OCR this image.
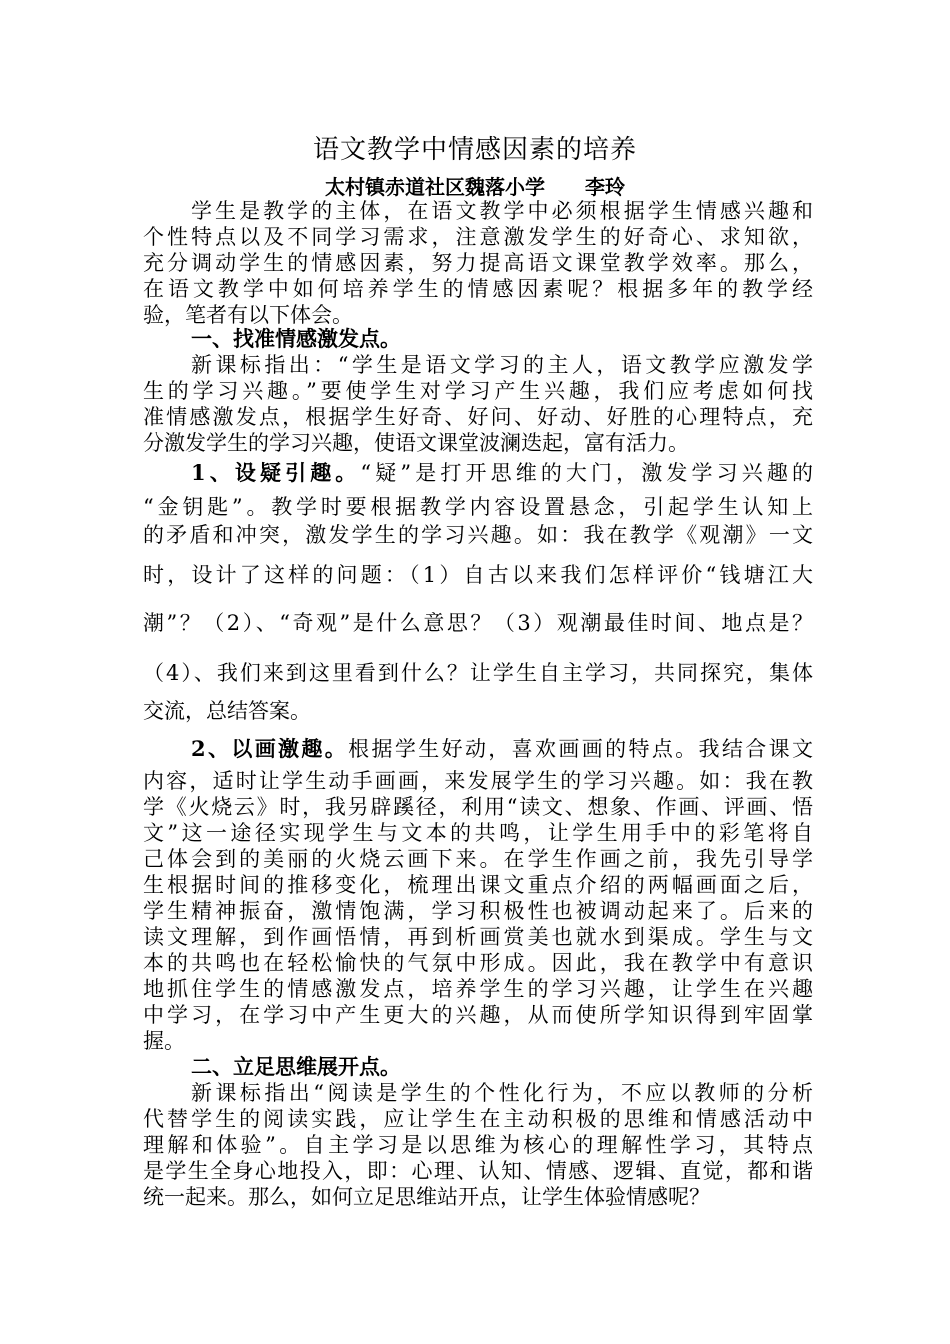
语文教学中情感因素的培养

太村镇赤道社区魏落小学　　李玲

学生是教学的主体，在语文教学中必须根据学生情感兴趣和
个性特点以及不同学习需求，注意激发学生的好奇心、求知欲，
充分调动学生的情感因素，努力提高语文课堂教学效率。那么，
在语文教学中如何培养学生的情感因素呢？根据多年的教学经
验，笔者有以下体会。
一、找准情感激发点。
新课标指出：“学生是语文学习的主人，语文教学应激发学
生的学习兴趣。”要使学生对学习产生兴趣，我们应考虑如何找
准情感激发点，根据学生好奇、好问、好动、好胜的心理特点，充
分激发学生的学习兴趣，使语文课堂波澜迭起，富有活力。
1、设疑引趣。“疑”是打开思维的大门，激发学习兴趣的
“金钥匙”。教学时要根据教学内容设置悬念，引起学生认知上
的矛盾和冲突，激发学生的学习兴趣。如：我在教学《观潮》一文
时，设计了这样的问题：（1）自古以来我们怎样评价“钱塘江大
潮”？（2）、“奇观”是什么意思？（3）观潮最佳时间、地点是？
（4）、我们来到这里看到什么？让学生自主学习，共同探究，集体
交流，总结答案。
2、以画激趣。根据学生好动，喜欢画画的特点。我结合课文
内容，适时让学生动手画画，来发展学生的学习兴趣。如：我在教
学《火烧云》时，我另辟蹊径，利用“读文、想象、作画、评画、悟
文”这一途径实现学生与文本的共鸣，让学生用手中的彩笔将自
己体会到的美丽的火烧云画下来。在学生作画之前，我先引导学
生根据时间的推移变化，梳理出课文重点介绍的两幅画面之后，
学生精神振奋，激情饱满，学习积极性也被调动起来了。后来的
读文理解，到作画悟情，再到析画赏美也就水到渠成。学生与文
本的共鸣也在轻松愉快的气氛中形成。因此，我在教学中有意识
地抓住学生的情感激发点，培养学生的学习兴趣，让学生在兴趣
中学习，在学习中产生更大的兴趣，从而使所学知识得到牢固掌
握。
二、立足思维展开点。
新课标指出“阅读是学生的个性化行为，不应以教师的分析
代替学生的阅读实践，应让学生在主动积极的思维和情感活动中
理解和体验”。自主学习是以思维为核心的理解性学习，其特点
是学生全身心地投入，即：心理、认知、情感、逻辑、直觉，都和谐
统一起来。那么，如何立足思维站开点，让学生体验情感呢？
